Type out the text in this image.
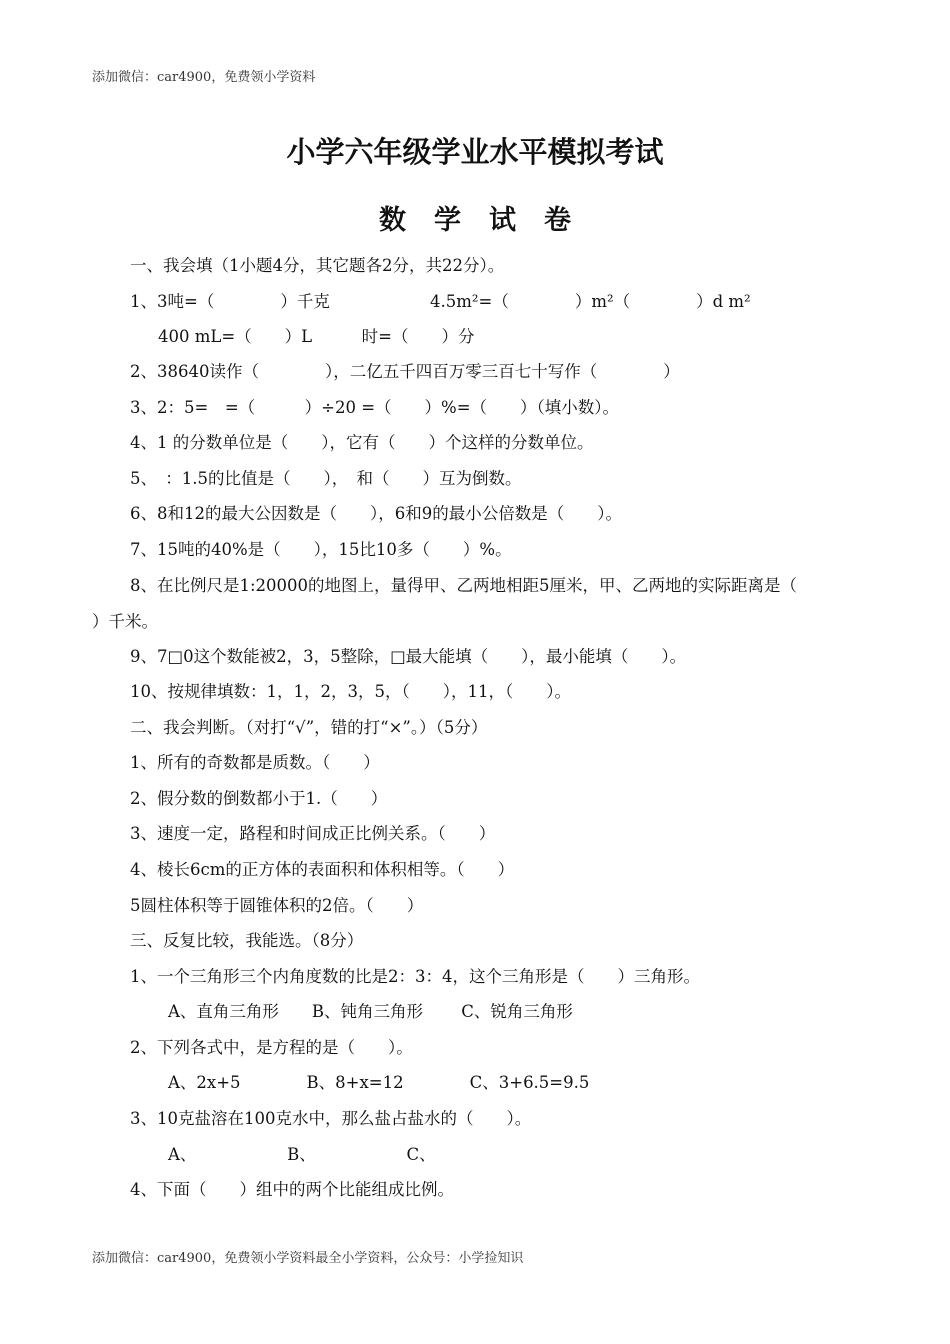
添加微信：car4900，免费领小学资料
小学六年级学业水平模拟考试
数学试卷
一、我会填（1小题4分，其它题各2分，共22分）。
1、3吨=（　　　　）千克	4.5m²=（　　　　）m²（　　　　）d m²
400 mL=（　　）L　　　时=（　　）分
2、38640读作（　　　　），二亿五千四百万零三百七十写作（　　　　）
3、2：5=　=（　　　）÷20 =（　　）%=（　　）（填小数）。
4、1 的分数单位是（　　），它有（　　）个这样的分数单位。
5、　：1.5的比值是（　　），　和（　　）互为倒数。
6、8和12的最大公因数是（　　），6和9的最小公倍数是（　　）。
7、15吨的40%是（　　），15比10多（　　）%。
8、在比例尺是1:20000的地图上，量得甲、乙两地相距5厘米，甲、乙两地的实际距离是（
）千米。
9、7□0这个数能被2，3，5整除，□最大能填（　　），最小能填（　　）。
10、按规律填数：1，1，2，3，5，（　　），11，（　　）。
二、我会判断。（对打“√”，错的打“×”。）（5分）
1、所有的奇数都是质数。（　　）
2、假分数的倒数都小于1.（　　）
3、速度一定，路程和时间成正比例关系。（　　）
4、棱长6cm的正方体的表面积和体积相等。（　　）
5圆柱体积等于圆锥体积的2倍。（　　）
三、反复比较，我能选。（8分）
1、一个三角形三个内角度数的比是2：3：4，这个三角形是（　　）三角形。
A、直角三角形　　B、钝角三角形　　 C、锐角三角形
2、下列各式中，是方程的是（　　）。
A、2x+5　　　　B、8+x=12　　　　C、3+6.5=9.5
3、10克盐溶在100克水中，那么盐占盐水的（　　）。
A、　　　　　　B、　　　　　　C、
4、下面（　　）组中的两个比能组成比例。
添加微信：car4900，免费领小学资料最全小学资料，公众号：小学捡知识
